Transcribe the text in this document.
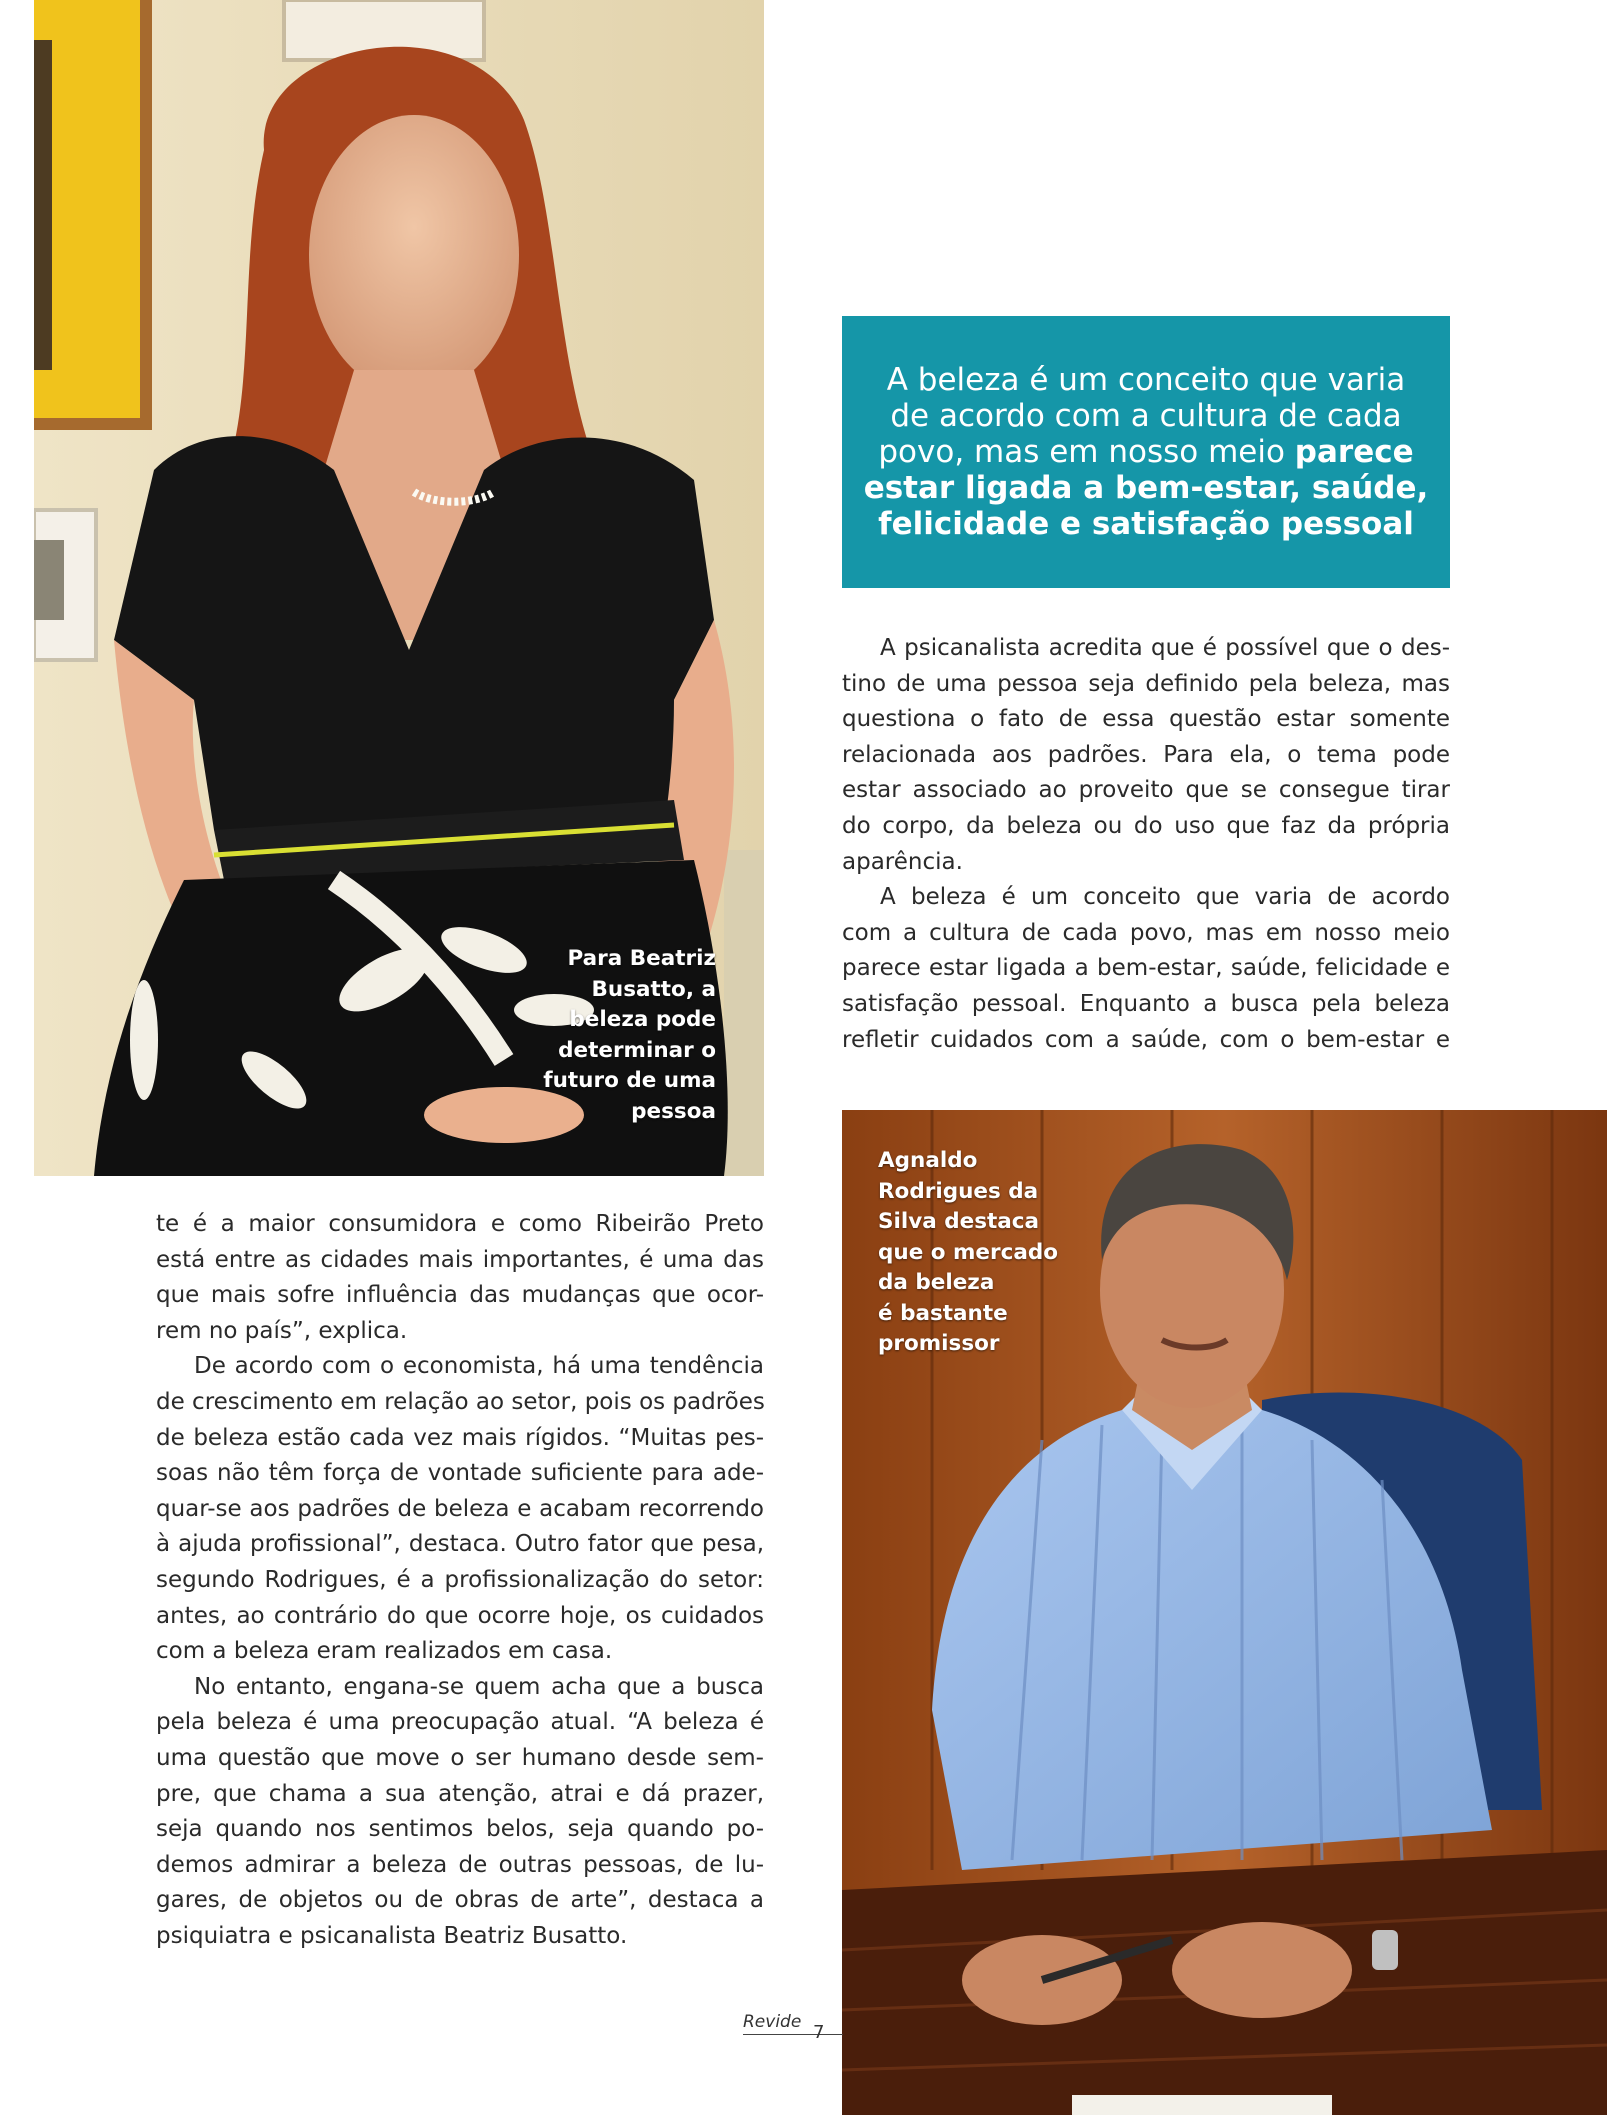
Para Beatriz
Busatto, a
beleza pode
determinar o
futuro de uma
pessoa
A beleza é um conceito que varia
de acordo com a cultura de cada
povo, mas em nosso meio parece
estar ligada a bem-estar, saúde,
felicidade e satisfação pessoal
A psicanalista acredita que é possível que o des-
tino de uma pessoa seja definido pela beleza, mas
questiona o fato de essa questão estar somente
relacionada aos padrões. Para ela, o tema pode
estar associado ao proveito que se consegue tirar
do corpo, da beleza ou do uso que faz da própria
aparência.
A beleza é um conceito que varia de acordo
com a cultura de cada povo, mas em nosso meio
parece estar ligada a bem-estar, saúde, felicidade e
satisfação pessoal. Enquanto a busca pela beleza
refletir cuidados com a saúde, com o bem-estar e
Agnaldo
Rodrigues da
Silva destaca
que o mercado
da beleza
é bastante
promissor
te é a maior consumidora e como Ribeirão Preto
está entre as cidades mais importantes, é uma das
que mais sofre influência das mudanças que ocor-
rem no país”, explica.
De acordo com o economista, há uma tendência
de crescimento em relação ao setor, pois os padrões
de beleza estão cada vez mais rígidos. “Muitas pes-
soas não têm força de vontade suficiente para ade-
quar-se aos padrões de beleza e acabam recorrendo
à ajuda profissional”, destaca. Outro fator que pesa,
segundo Rodrigues, é a profissionalização do setor:
antes, ao contrário do que ocorre hoje, os cuidados
com a beleza eram realizados em casa.
No entanto, engana-se quem acha que a busca
pela beleza é uma preocupação atual. “A beleza é
uma questão que move o ser humano desde sem-
pre, que chama a sua atenção, atrai e dá prazer,
seja quando nos sentimos belos, seja quando po-
demos admirar a beleza de outras pessoas, de lu-
gares, de objetos ou de obras de arte”, destaca a
psiquiatra e psicanalista Beatriz Busatto.
Revide 7
